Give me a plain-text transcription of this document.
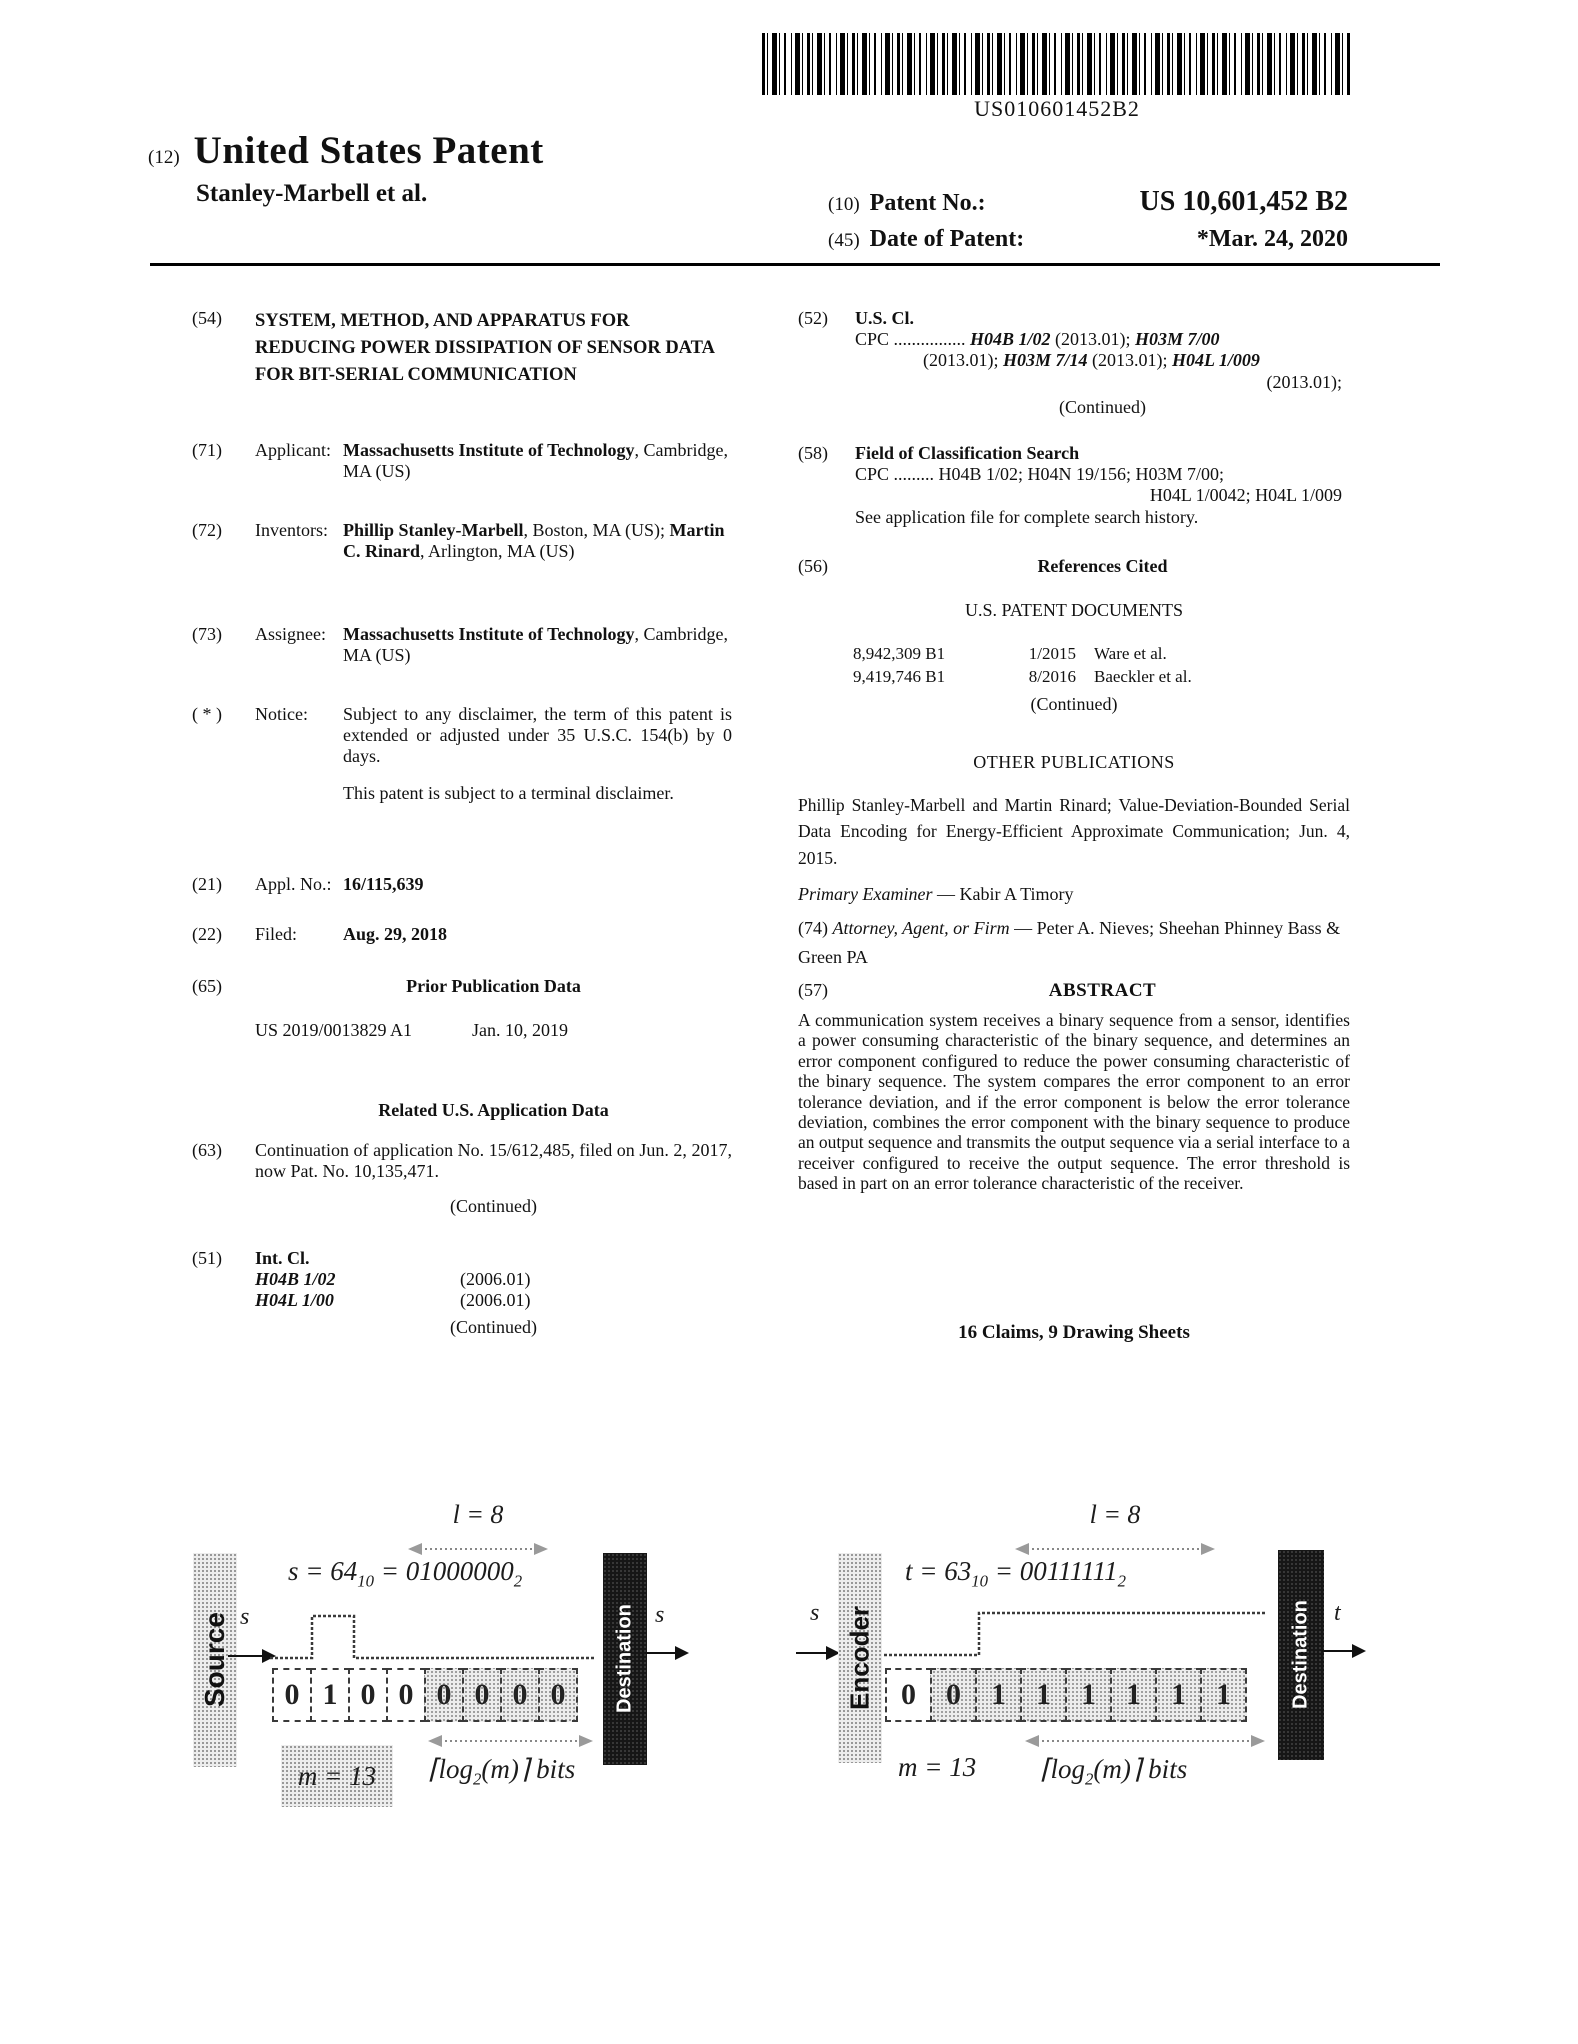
US010601452B2
(12) United States Patent
Stanley-Marbell et al.	(10) Patent No.:	US 10,601,452 B2
(45) Date of Patent:	*Mar. 24, 2020
(54)	SYSTEM, METHOD, AND APPARATUS FOR REDUCING POWER DISSIPATION OF SENSOR DATA FOR BIT-SERIAL COMMUNICATION
(71)	Applicant: Massachusetts Institute of Technology, Cambridge, MA (US)
(72)	Inventors: Phillip Stanley-Marbell, Boston, MA (US); Martin C. Rinard, Arlington, MA (US)
(73)	Assignee: Massachusetts Institute of Technology, Cambridge, MA (US)
( * )	Notice:	Subject to any disclaimer, the term of this patent is extended or adjusted under 35 U.S.C. 154(b) by 0 days.
This patent is subject to a terminal disclaimer.
(21)	Appl. No.: 16/115,639
(22)	Filed:	Aug. 29, 2018
(65)	Prior Publication Data
US 2019/0013829 A1	Jan. 10, 2019
Related U.S. Application Data
(63)	Continuation of application No. 15/612,485, filed on Jun. 2, 2017, now Pat. No. 10,135,471.
(Continued)
(51)	Int. Cl.
H04B 1/02	(2006.01)
H04L 1/00	(2006.01)
(Continued)
(52)	U.S. Cl.
CPC ................ H04B 1/02 (2013.01); H03M 7/00
(2013.01); H03M 7/14 (2013.01); H04L 1/009
(2013.01);
(Continued)
(58)	Field of Classification Search
CPC ......... H04B 1/02; H04N 19/156; H03M 7/00;
H04L 1/0042; H04L 1/009
See application file for complete search history.
(56)	References Cited
U.S. PATENT DOCUMENTS
8,942,309 B1	1/2015 Ware et al.
9,419,746 B1	8/2016 Baeckler et al.
(Continued)
OTHER PUBLICATIONS
Phillip Stanley-Marbell and Martin Rinard; Value-Deviation-Bounded Serial Data Encoding for Energy-Efficient Approximate Communication; Jun. 4, 2015.
Primary Examiner — Kabir A Timory
(74) Attorney, Agent, or Firm — Peter A. Nieves; Sheehan Phinney Bass & Green PA
(57)	ABSTRACT
A communication system receives a binary sequence from a sensor, identifies a power consuming characteristic of the binary sequence, and determines an error component configured to reduce the power consuming characteristic of the binary sequence. The system compares the error component to an error tolerance deviation, and if the error component is below the error tolerance deviation, combines the error component with the binary sequence to produce an output sequence and transmits the output sequence via a serial interface to a receiver configured to receive the output sequence. The error threshold is based in part on an error tolerance characteristic of the receiver.
16 Claims, 9 Drawing Sheets
Source s
l = 8
$s = 64_{10} = 01000000_2$
0 1 0 0 0 0 0 0	Destination s
m = 13 $⌈\log_2(m)⌉$ bits
s Encoder
l = 8
$t = 63_{10} = 00111111_2$
0	0	1	1	1	1	1	1	Destination t
m = 13 $⌈\log_2(m)⌉$ bits
